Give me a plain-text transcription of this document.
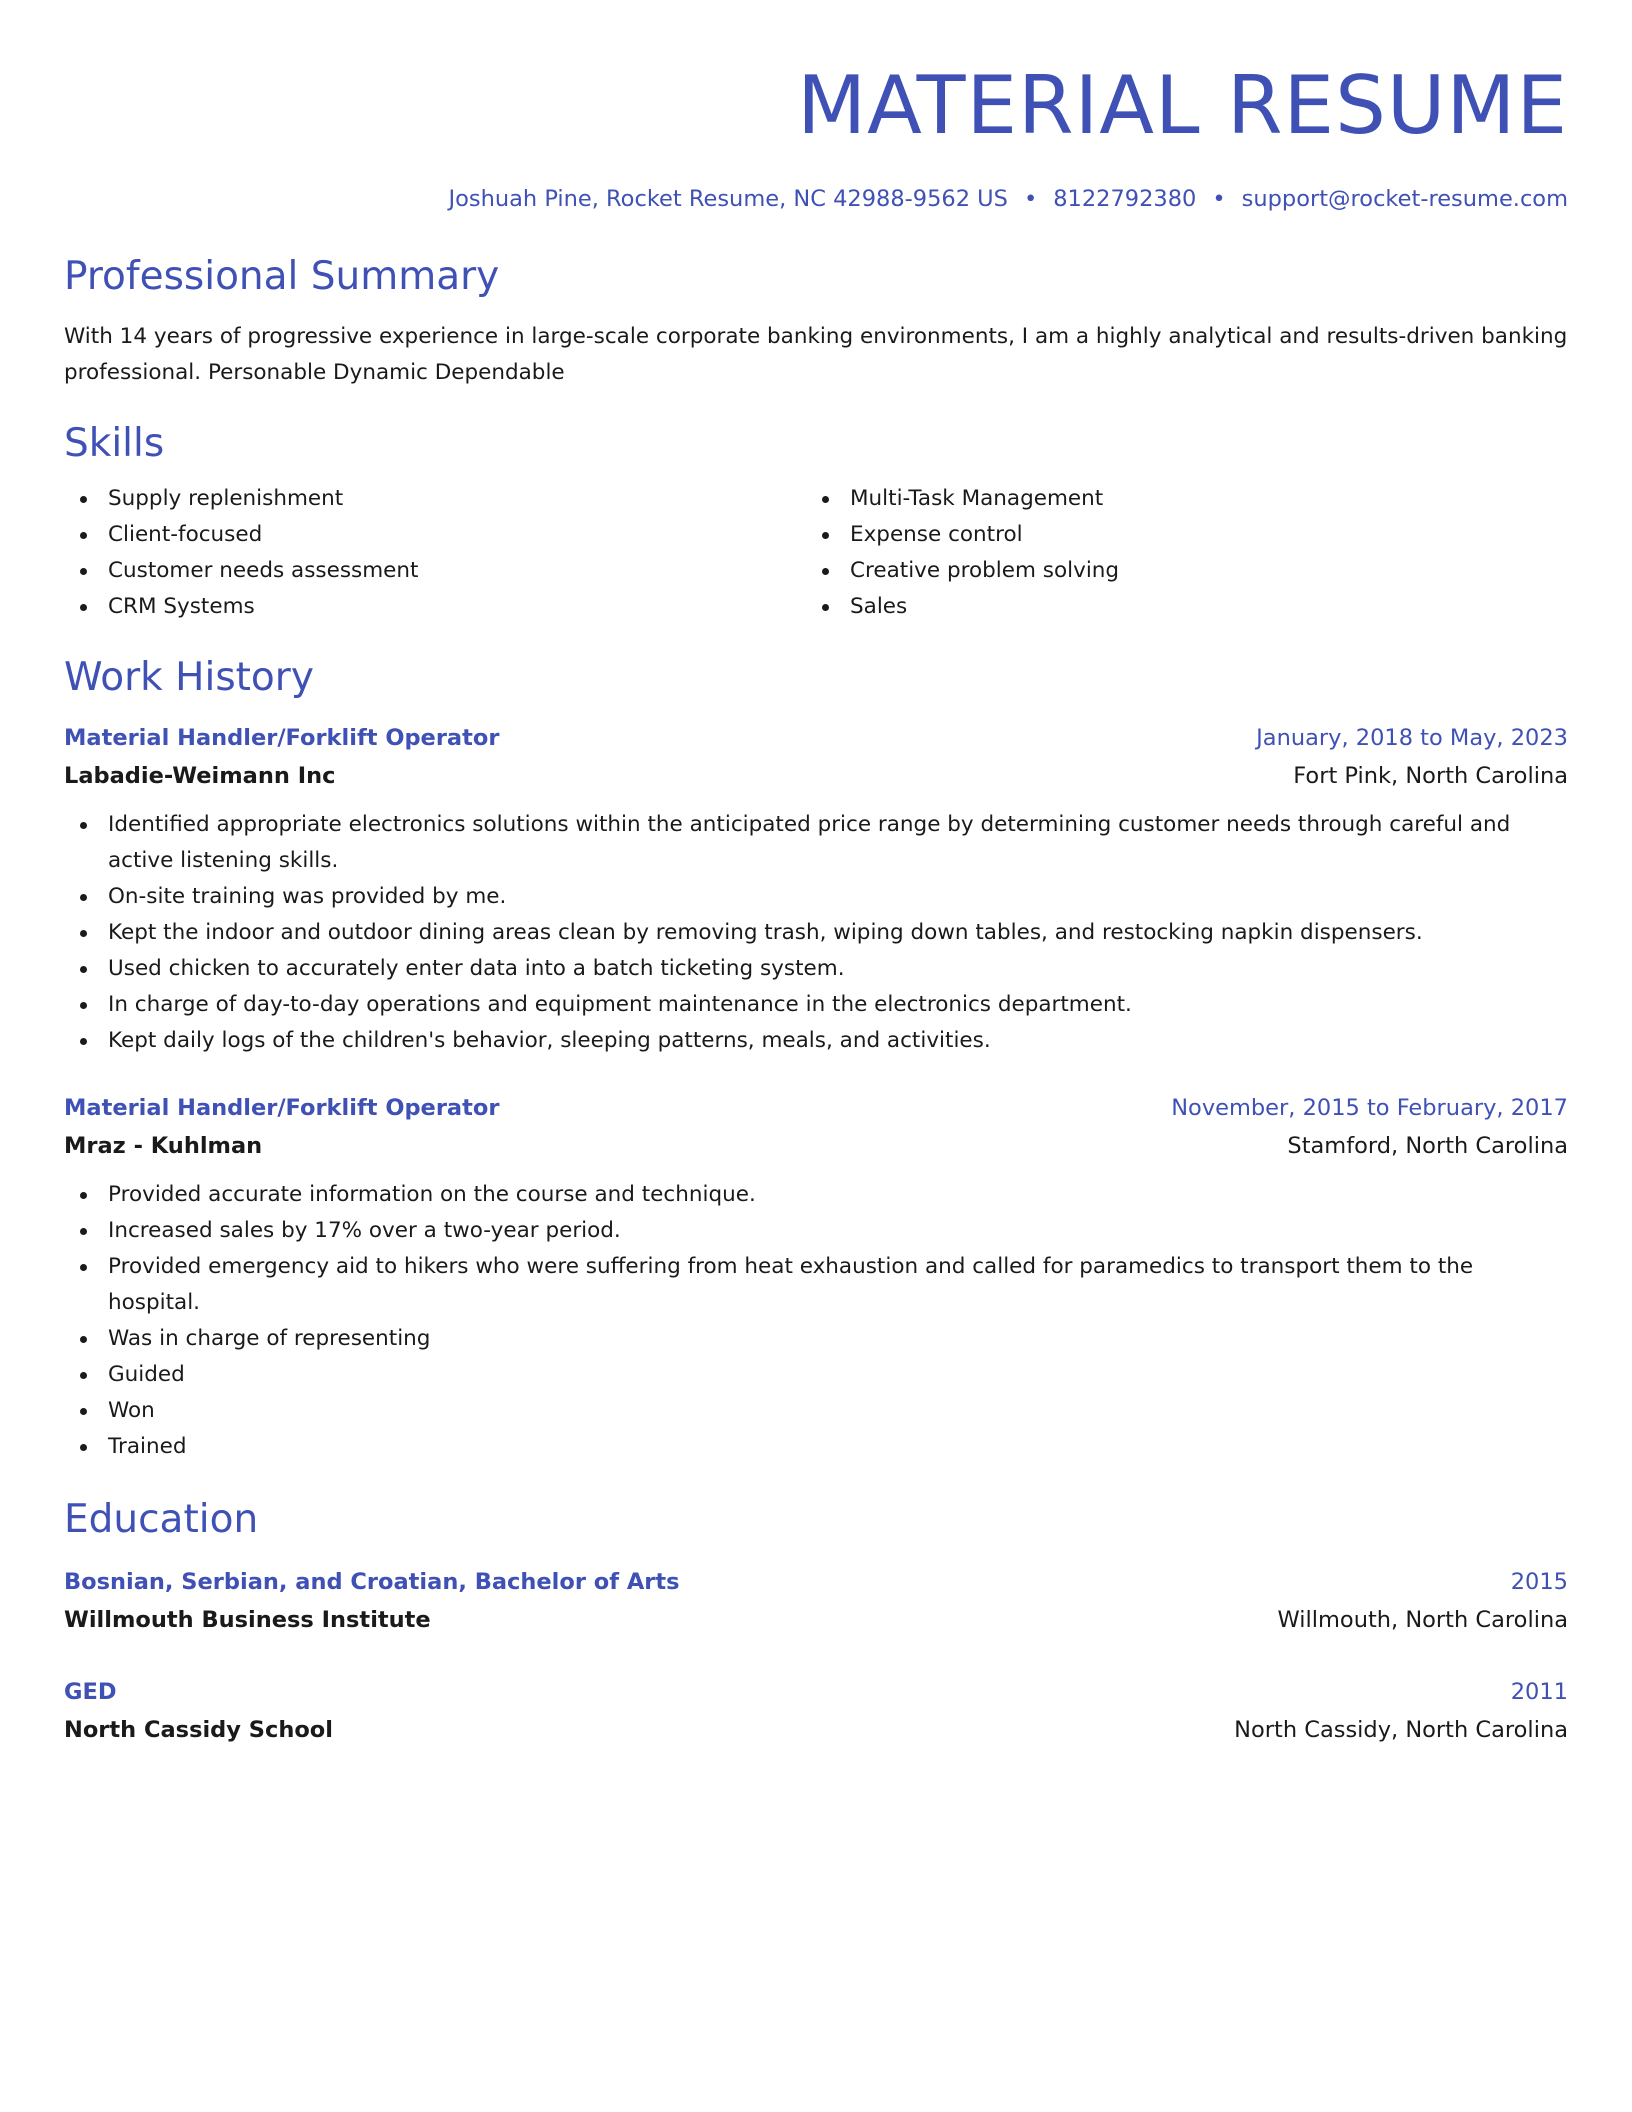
MATERIAL RESUME
Joshuah Pine, Rocket Resume, NC 42988-9562 US • 8122792380 • support@rocket-resume.com
Professional Summary
With 14 years of progressive experience in large-scale corporate banking environments, I am a highly analytical and results-driven banking professional. Personable Dynamic Dependable
Skills
Supply replenishment
Client-focused
Customer needs assessment
CRM Systems
Multi-Task Management
Expense control
Creative problem solving
Sales
Work History
Material Handler/Forklift Operator	January, 2018 to May, 2023
Labadie-Weimann Inc	Fort Pink, North Carolina
Identified appropriate electronics solutions within the anticipated price range by determining customer needs through careful and active listening skills.
On-site training was provided by me.
Kept the indoor and outdoor dining areas clean by removing trash, wiping down tables, and restocking napkin dispensers.
Used chicken to accurately enter data into a batch ticketing system.
In charge of day-to-day operations and equipment maintenance in the electronics department.
Kept daily logs of the children's behavior, sleeping patterns, meals, and activities.
Material Handler/Forklift Operator	November, 2015 to February, 2017
Mraz - Kuhlman	Stamford, North Carolina
Provided accurate information on the course and technique.
Increased sales by 17% over a two-year period.
Provided emergency aid to hikers who were suffering from heat exhaustion and called for paramedics to transport them to the hospital.
Was in charge of representing
Guided
Won
Trained
Education
Bosnian, Serbian, and Croatian, Bachelor of Arts	2015
Willmouth Business Institute	Willmouth, North Carolina
GED	2011
North Cassidy School	North Cassidy, North Carolina
